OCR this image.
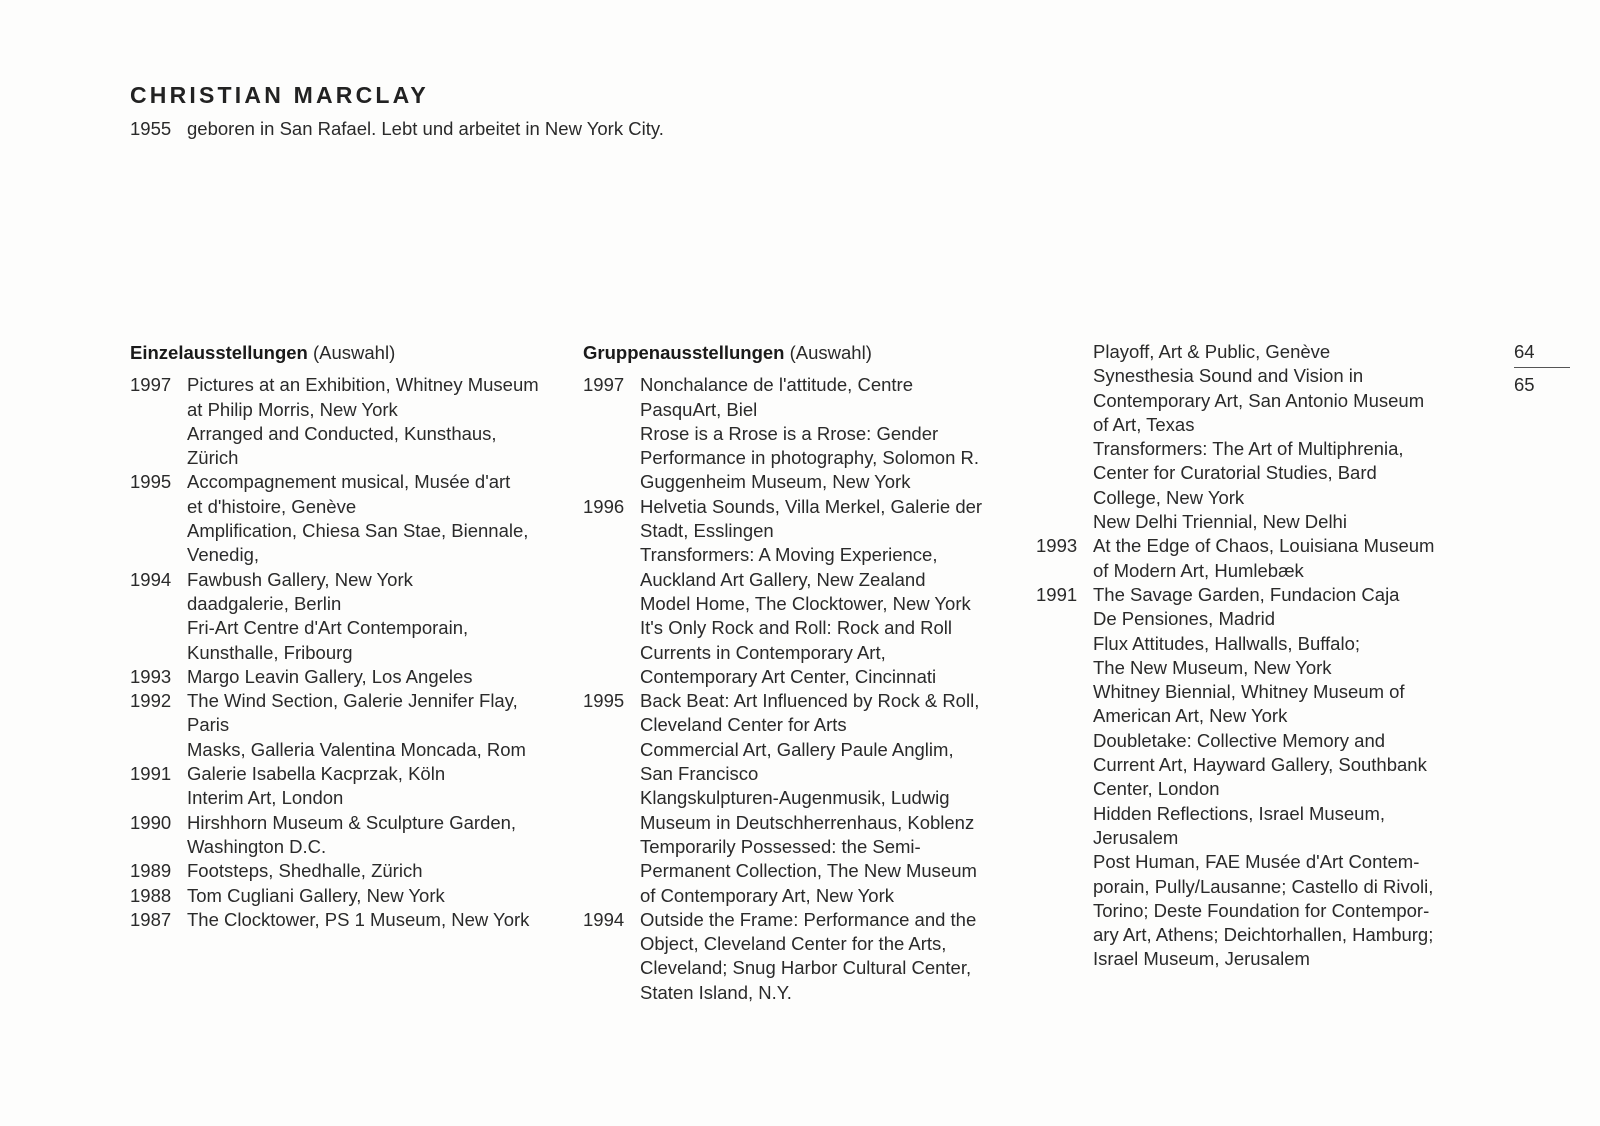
CHRISTIAN MARCLAY
1955 geboren in San Rafael. Lebt und arbeitet in New York City.
Einzelausstellungen (Auswahl)
1997 Pictures at an Exhibition, Whitney Museum
at Philip Morris, New York
Arranged and Conducted, Kunsthaus,
Zürich
1995 Accompagnement musical, Musée d'art
et d'histoire, Genève
Amplification, Chiesa San Stae, Biennale,
Venedig,
1994 Fawbush Gallery, New York
daadgalerie, Berlin
Fri-Art Centre d'Art Contemporain,
Kunsthalle, Fribourg
1993 Margo Leavin Gallery, Los Angeles
1992 The Wind Section, Galerie Jennifer Flay,
Paris
Masks, Galleria Valentina Moncada, Rom
1991 Galerie Isabella Kacprzak, Köln
Interim Art, London
1990 Hirshhorn Museum & Sculpture Garden,
Washington D.C.
1989 Footsteps, Shedhalle, Zürich
1988 Tom Cugliani Gallery, New York
1987 The Clocktower, PS 1 Museum, New York
Gruppenausstellungen (Auswahl)
1997 Nonchalance de l'attitude, Centre
PasquArt, Biel
Rrose is a Rrose is a Rrose: Gender
Performance in photography, Solomon R.
Guggenheim Museum, New York
1996 Helvetia Sounds, Villa Merkel, Galerie der
Stadt, Esslingen
Transformers: A Moving Experience,
Auckland Art Gallery, New Zealand
Model Home, The Clocktower, New York
It's Only Rock and Roll: Rock and Roll
Currents in Contemporary Art,
Contemporary Art Center, Cincinnati
1995 Back Beat: Art Influenced by Rock & Roll,
Cleveland Center for Arts
Commercial Art, Gallery Paule Anglim,
San Francisco
Klangskulpturen-Augenmusik, Ludwig
Museum in Deutschherrenhaus, Koblenz
Temporarily Possessed: the Semi-
Permanent Collection, The New Museum
of Contemporary Art, New York
1994 Outside the Frame: Performance and the
Object, Cleveland Center for the Arts,
Cleveland; Snug Harbor Cultural Center,
Staten Island, N.Y.
Playoff, Art & Public, Genève
Synesthesia Sound and Vision in
Contemporary Art, San Antonio Museum
of Art, Texas
Transformers: The Art of Multiphrenia,
Center for Curatorial Studies, Bard
College, New York
New Delhi Triennial, New Delhi
1993 At the Edge of Chaos, Louisiana Museum
of Modern Art, Humlebæk
1991 The Savage Garden, Fundacion Caja
De Pensiones, Madrid
Flux Attitudes, Hallwalls, Buffalo;
The New Museum, New York
Whitney Biennial, Whitney Museum of
American Art, New York
Doubletake: Collective Memory and
Current Art, Hayward Gallery, Southbank
Center, London
Hidden Reflections, Israel Museum,
Jerusalem
Post Human, FAE Musée d'Art Contem-
porain, Pully/Lausanne; Castello di Rivoli,
Torino; Deste Foundation for Contempor-
ary Art, Athens; Deichtorhallen, Hamburg;
Israel Museum, Jerusalem
64
65
